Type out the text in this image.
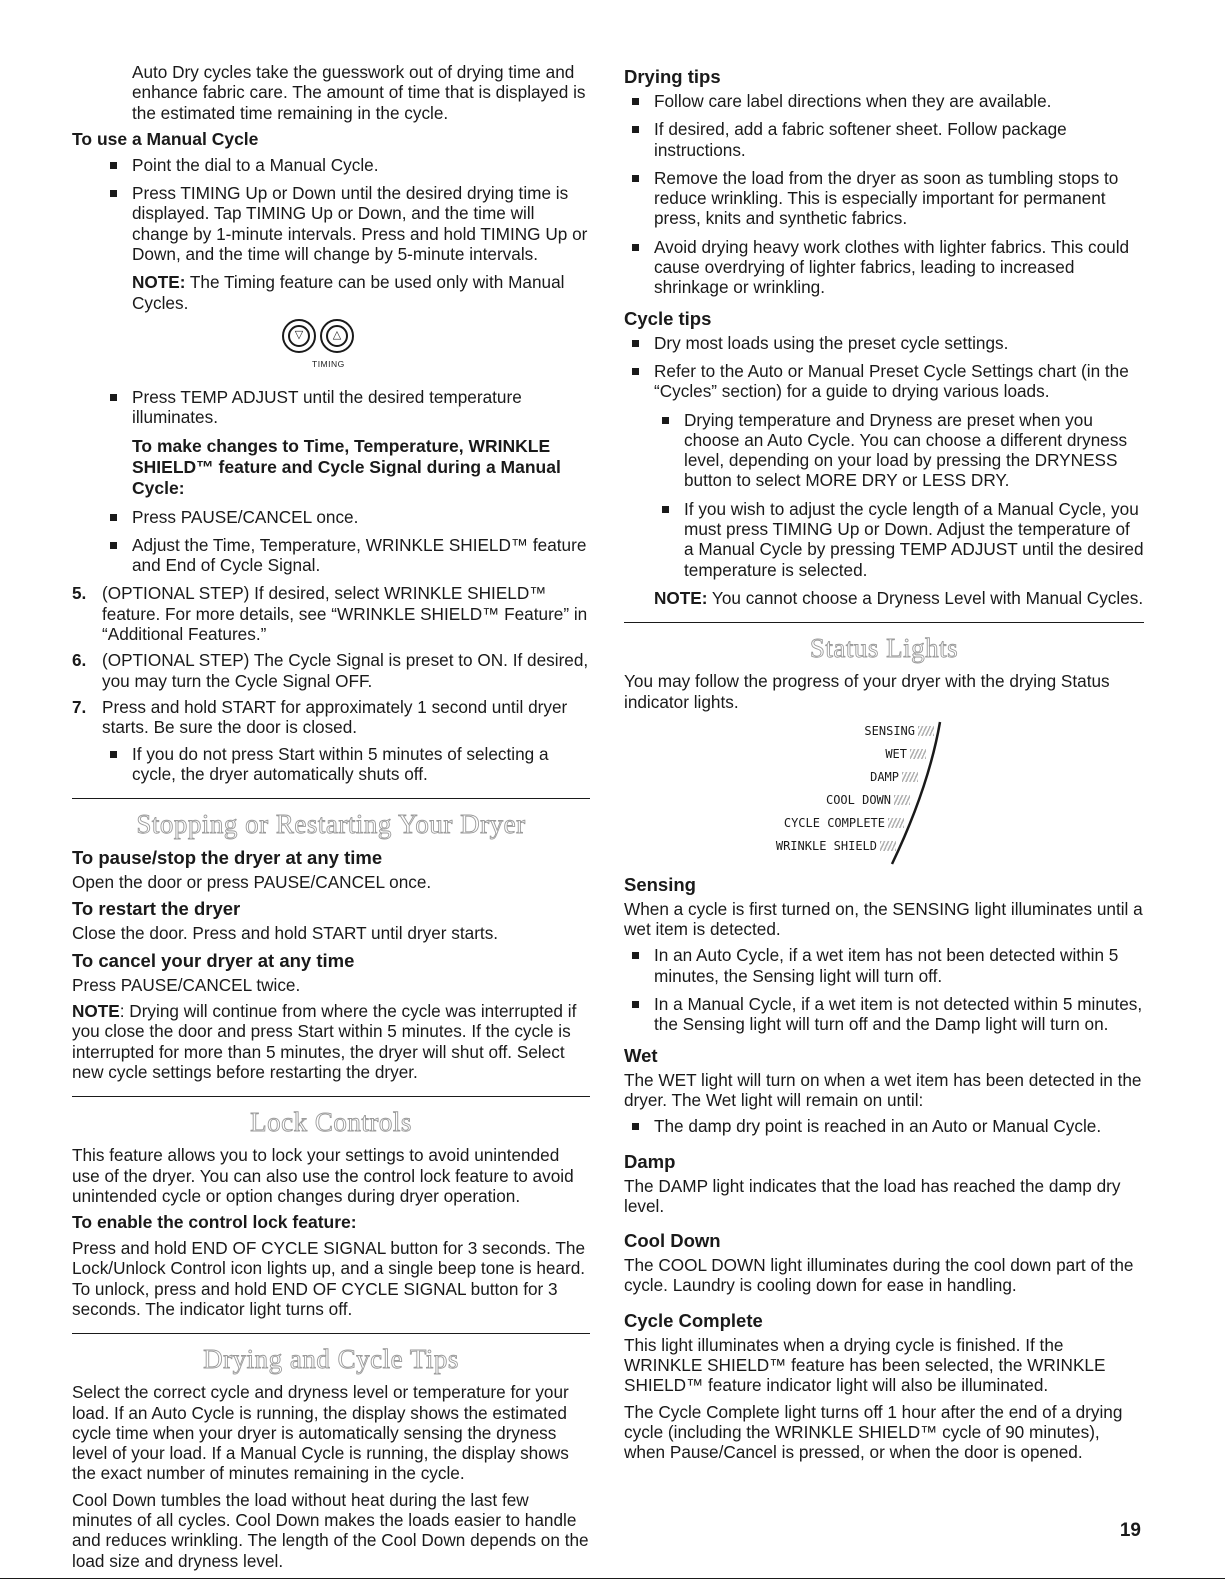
Auto Dry cycles take the guesswork out of drying time and enhance fabric care. The amount of time that is displayed is the estimated time remaining in the cycle.

To use a Manual Cycle

Point the dial to a Manual Cycle.
Press TIMING Up or Down until the desired drying time is displayed. Tap TIMING Up or Down, and the time will change by 1-minute intervals. Press and hold TIMING Up or Down, and the time will change by 5-minute intervals.

NOTE: The Timing feature can be used only with Manual Cycles.

▽	△
TIMING
Press TEMP ADJUST until the desired temperature illuminates.

To make changes to Time, Temperature, WRINKLE SHIELD™ feature and Cycle Signal during a Manual Cycle:

Press PAUSE/CANCEL once.
Adjust the Time, Temperature, WRINKLE SHIELD™ feature and End of Cycle Signal.
5. (OPTIONAL STEP) If desired, select WRINKLE SHIELD™ feature. For more details, see “WRINKLE SHIELD™ Feature” in “Additional Features.”
6. (OPTIONAL STEP) The Cycle Signal is preset to ON. If desired, you may turn the Cycle Signal OFF.
7. Press and hold START for approximately 1 second until dryer starts. Be sure the door is closed.
If you do not press Start within 5 minutes of selecting a cycle, the dryer automatically shuts off.

Stopping or Restarting Your Dryer

To pause/stop the dryer at any time

Open the door or press PAUSE/CANCEL once.

To restart the dryer

Close the door. Press and hold START until dryer starts.

To cancel your dryer at any time

Press PAUSE/CANCEL twice.

NOTE: Drying will continue from where the cycle was interrupted if you close the door and press Start within 5 minutes. If the cycle is interrupted for more than 5 minutes, the dryer will shut off. Select new cycle settings before restarting the dryer.

Lock Controls

This feature allows you to lock your settings to avoid unintended use of the dryer. You can also use the control lock feature to avoid unintended cycle or option changes during dryer operation.

To enable the control lock feature:

Press and hold END OF CYCLE SIGNAL button for 3 seconds. The Lock/Unlock Control icon lights up, and a single beep tone is heard. To unlock, press and hold END OF CYCLE SIGNAL button for 3 seconds. The indicator light turns off.

Drying and Cycle Tips

Select the correct cycle and dryness level or temperature for your load. If an Auto Cycle is running, the display shows the estimated cycle time when your dryer is automatically sensing the dryness level of your load. If a Manual Cycle is running, the display shows the exact number of minutes remaining in the cycle.

Cool Down tumbles the load without heat during the last few minutes of all cycles. Cool Down makes the loads easier to handle and reduces wrinkling. The length of the Cool Down depends on the load size and dryness level.

Drying tips

Follow care label directions when they are available.
If desired, add a fabric softener sheet. Follow package instructions.
Remove the load from the dryer as soon as tumbling stops to reduce wrinkling. This is especially important for permanent press, knits and synthetic fabrics.
Avoid drying heavy work clothes with lighter fabrics. This could cause overdrying of lighter fabrics, leading to increased shrinkage or wrinkling.

Cycle tips

Dry most loads using the preset cycle settings.
Refer to the Auto or Manual Preset Cycle Settings chart (in the “Cycles” section) for a guide to drying various loads.
Drying temperature and Dryness are preset when you choose an Auto Cycle. You can choose a different dryness level, depending on your load by pressing the DRYNESS button to select MORE DRY or LESS DRY.
If you wish to adjust the cycle length of a Manual Cycle, you must press TIMING Up or Down. Adjust the temperature of a Manual Cycle by pressing TEMP ADJUST until the desired temperature is selected.

NOTE: You cannot choose a Dryness Level with Manual Cycles.

Status Lights

You may follow the progress of your dryer with the drying Status indicator lights.

SENSING
WET
DAMP
COOL DOWN
CYCLE COMPLETE
WRINKLE SHIELD

Sensing

When a cycle is first turned on, the SENSING light illuminates until a wet item is detected.

In an Auto Cycle, if a wet item has not been detected within 5 minutes, the Sensing light will turn off.
In a Manual Cycle, if a wet item is not detected within 5 minutes, the Sensing light will turn off and the Damp light will turn on.

Wet

The WET light will turn on when a wet item has been detected in the dryer. The Wet light will remain on until:

The damp dry point is reached in an Auto or Manual Cycle.

Damp

The DAMP light indicates that the load has reached the damp dry level.

Cool Down

The COOL DOWN light illuminates during the cool down part of the cycle. Laundry is cooling down for ease in handling.

Cycle Complete

This light illuminates when a drying cycle is finished. If the WRINKLE SHIELD™ feature has been selected, the WRINKLE SHIELD™ feature indicator light will also be illuminated.

The Cycle Complete light turns off 1 hour after the end of a drying cycle (including the WRINKLE SHIELD™ cycle of 90 minutes), when Pause/Cancel is pressed, or when the door is opened.

19
